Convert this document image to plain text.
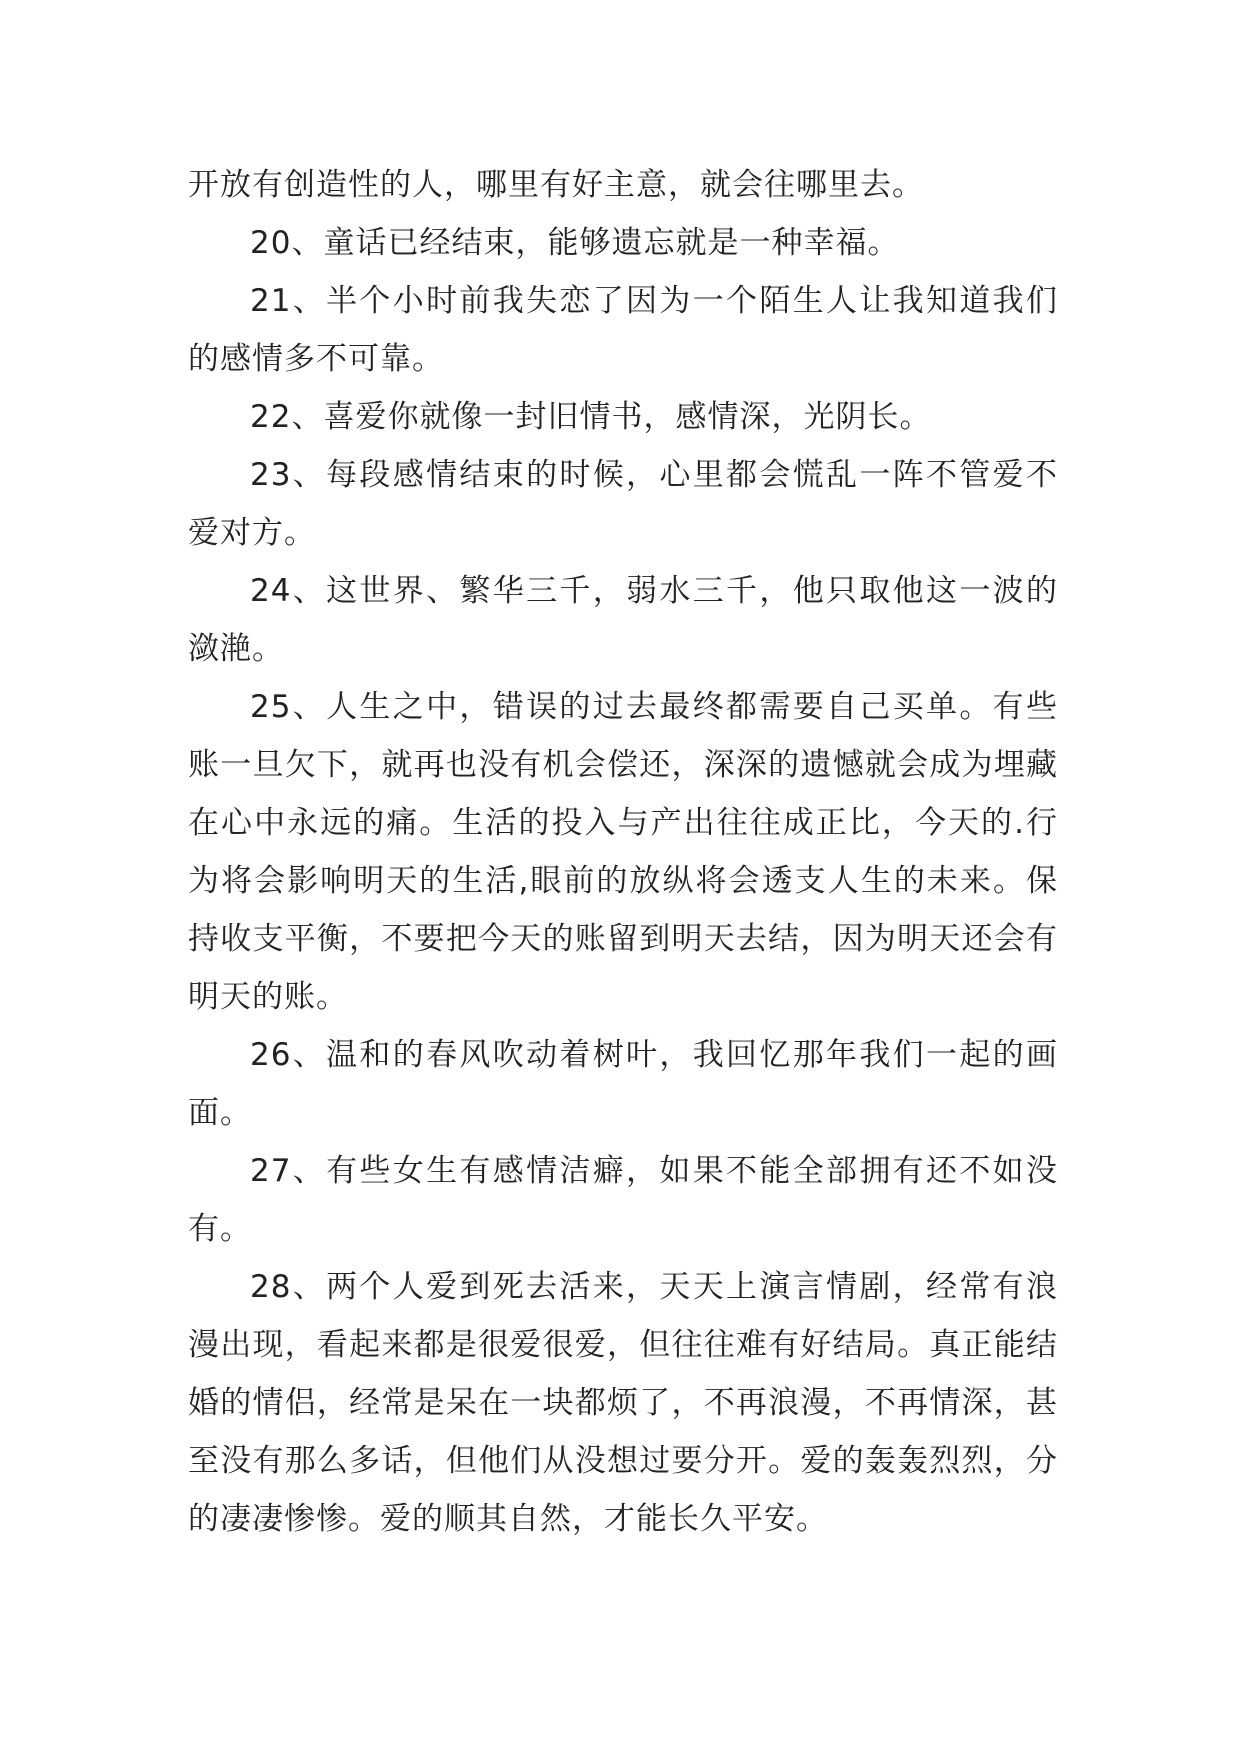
开放有创造性的人，哪里有好主意，就会往哪里去。

20、童话已经结束，能够遗忘就是一种幸福。

21、半个小时前我失恋了因为一个陌生人让我知道我们的感情多不可靠。

22、喜爱你就像一封旧情书，感情深，光阴长。

23、每段感情结束的时候，心里都会慌乱一阵不管爱不爱对方。

24、这世界、繁华三千，弱水三千，他只取他这一波的潋滟。

25、人生之中，错误的过去最终都需要自己买单。有些账一旦欠下，就再也没有机会偿还，深深的遗憾就会成为埋藏在心中永远的痛。生活的投入与产出往往成正比，今天的.行为将会影响明天的生活,眼前的放纵将会透支人生的未来。保持收支平衡，不要把今天的账留到明天去结，因为明天还会有明天的账。

26、温和的春风吹动着树叶，我回忆那年我们一起的画面。

27、有些女生有感情洁癖，如果不能全部拥有还不如没有。

28、两个人爱到死去活来，天天上演言情剧，经常有浪漫出现，看起来都是很爱很爱，但往往难有好结局。真正能结婚的情侣，经常是呆在一块都烦了，不再浪漫，不再情深，甚至没有那么多话，但他们从没想过要分开。爱的轰轰烈烈，分的凄凄惨惨。爱的顺其自然，才能长久平安。
